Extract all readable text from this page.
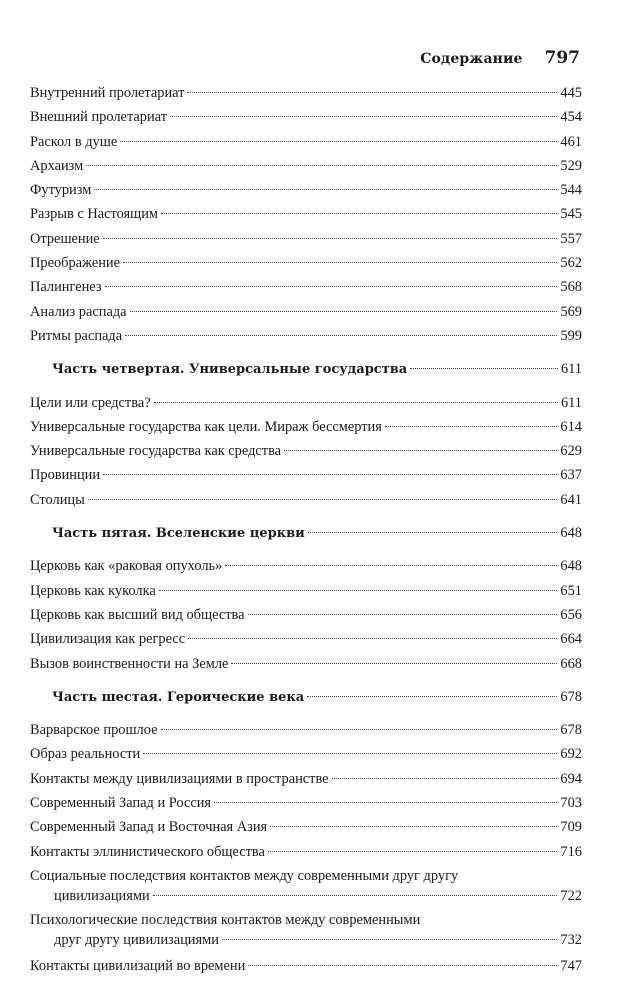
Содержание 797
Внутренний пролетариат	445
Внешний пролетариат	454
Раскол в душе	461
Архаизм	529
Футуризм	544
Разрыв с Настоящим	545
Отрешение	557
Преображение	562
Палингенез	568
Анализ распада	569
Ритмы распада	599
Часть четвертая. Универсальные государства	611
Цели или средства?	611
Универсальные государства как цели. Мираж бессмертия	614
Универсальные государства как средства	629
Провинции	637
Столицы	641
Часть пятая. Вселенские церкви	648
Церковь как «раковая опухоль»	648
Церковь как куколка	651
Церковь как высший вид общества	656
Цивилизация как регресс	664
Вызов воинственности на Земле	668
Часть шестая. Героические века	678
Варварское прошлое	678
Образ реальности	692
Контакты между цивилизациями в пространстве	694
Современный Запад и Россия	703
Современный Запад и Восточная Азия	709
Контакты эллинистического общества	716
Социальные последствия контактов между современными друг другу
цивилизациями	722
Психологические последствия контактов между современными
друг другу цивилизациями	732
Контакты цивилизаций во времени	747
